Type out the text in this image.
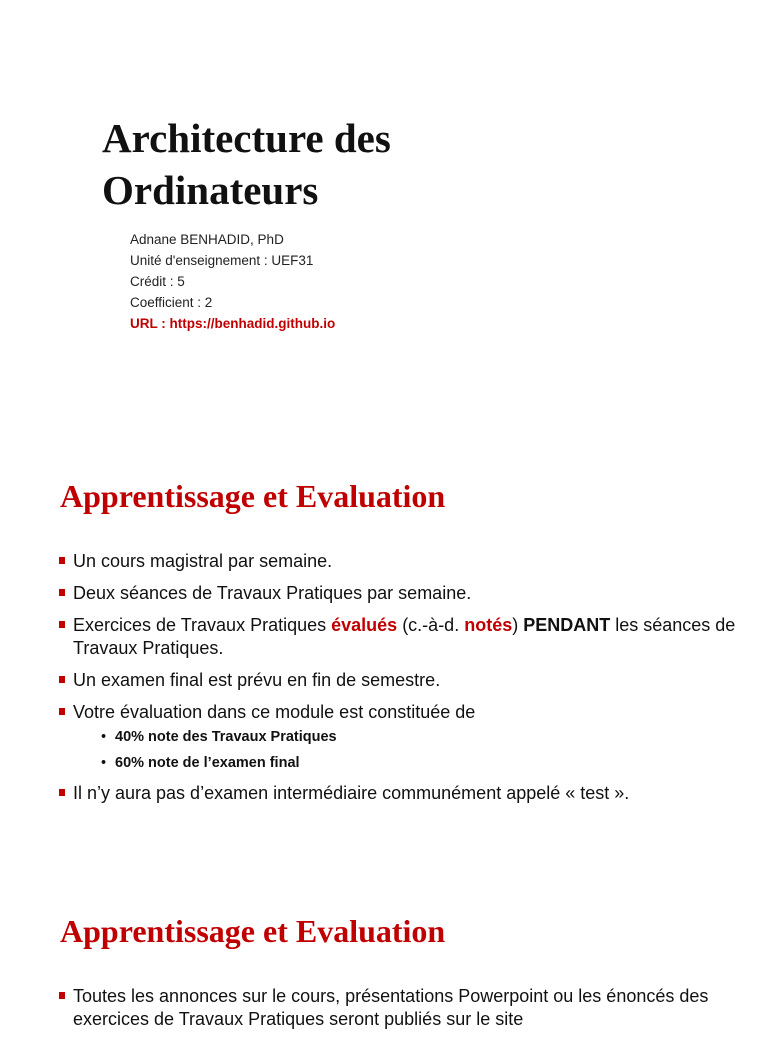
Architecture des
Ordinateurs
Adnane BENHADID, PhD
Unité d'enseignement : UEF31
Crédit : 5
Coefficient : 2
URL : https://benhadid.github.io
Apprentissage et Evaluation
Un cours magistral par semaine.
Deux séances de Travaux Pratiques par semaine.
Exercices de Travaux Pratiques évalués (c.-à-d. notés) PENDANT les séances de Travaux Pratiques.
Un examen final est prévu en fin de semestre.
Votre évaluation dans ce module est constituée de
• 40% note des Travaux Pratiques
• 60% note de l’examen final
Il n’y aura pas d’examen intermédiaire communément appelé « test ».
Apprentissage et Evaluation
Toutes les annonces sur le cours, présentations Powerpoint ou les énoncés des exercices de Travaux Pratiques seront publiés sur le site
